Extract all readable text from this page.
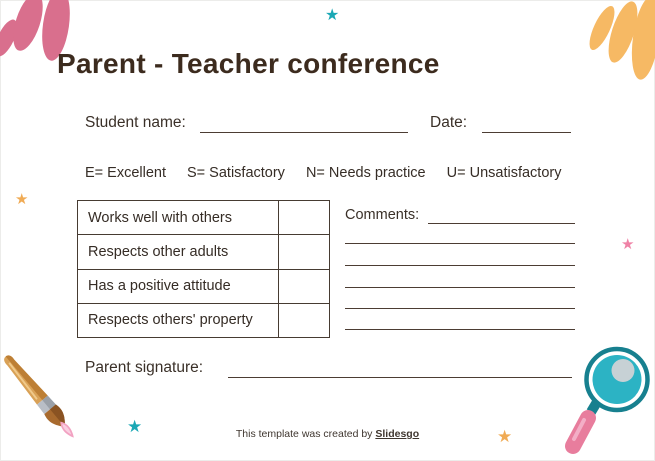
★
★
★
★
★
Parent - Teacher conference
Student name:	Date:
E= Excellent S= Satisfactory N= Needs practice U= Unsatisfactory
Works well with others
Respects other adults
Has a positive attitude
Respects others' property
Comments:
Parent signature:
This template was created by Slidesgo
